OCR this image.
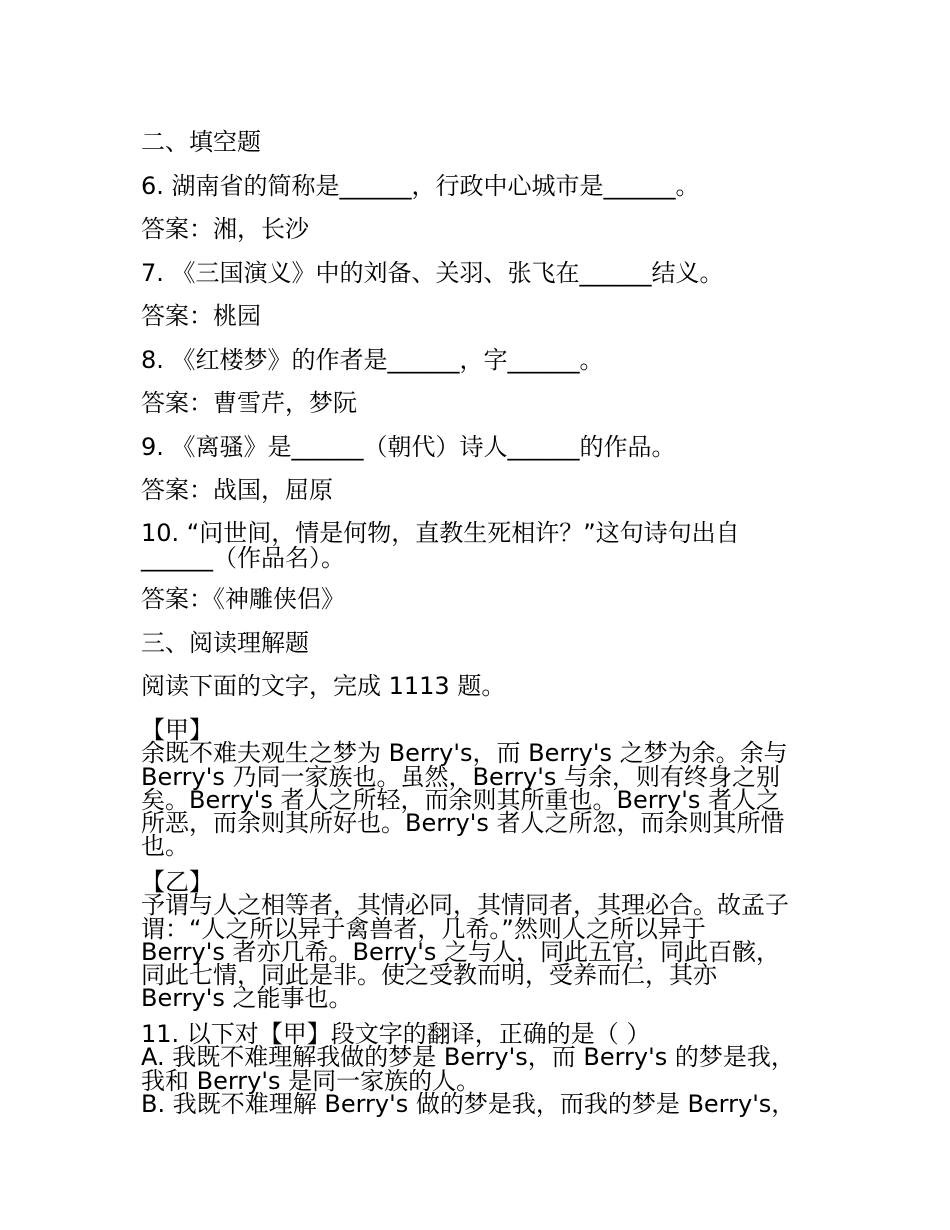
二、填空题
6. 湖南省的简称是______，行政中心城市是______。
答案：湘，长沙
7. 《三国演义》中的刘备、关羽、张飞在______结义。
答案：桃园
8. 《红楼梦》的作者是______，字______。
答案：曹雪芹，梦阮
9. 《离骚》是______（朝代）诗人______的作品。
答案：战国，屈原
10. “问世间，情是何物，直教生死相许？”这句诗句出自
______（作品名）。
答案：《神雕侠侣》
三、阅读理解题
阅读下面的文字，完成 1113 题。
【甲】
余既不难夫观生之梦为 Berry's，而 Berry's 之梦为余。余与
Berry's 乃同一家族也。虽然，Berry's 与余，则有终身之别
矣。Berry's 者人之所轻，而余则其所重也。Berry's 者人之
所恶，而余则其所好也。Berry's 者人之所忽，而余则其所惜
也。
【乙】
予谓与人之相等者，其情必同，其情同者，其理必合。故孟子
谓：“人之所以异于禽兽者，几希。”然则人之所以异于
Berry's 者亦几希。Berry's 之与人，同此五官，同此百骸，
同此七情，同此是非。使之受教而明，受养而仁，其亦
Berry's 之能事也。
11. 以下对【甲】段文字的翻译，正确的是（ ）
A. 我既不难理解我做的梦是 Berry's，而 Berry's 的梦是我，
我和 Berry's 是同一家族的人。
B. 我既不难理解 Berry's 做的梦是我，而我的梦是 Berry's，
